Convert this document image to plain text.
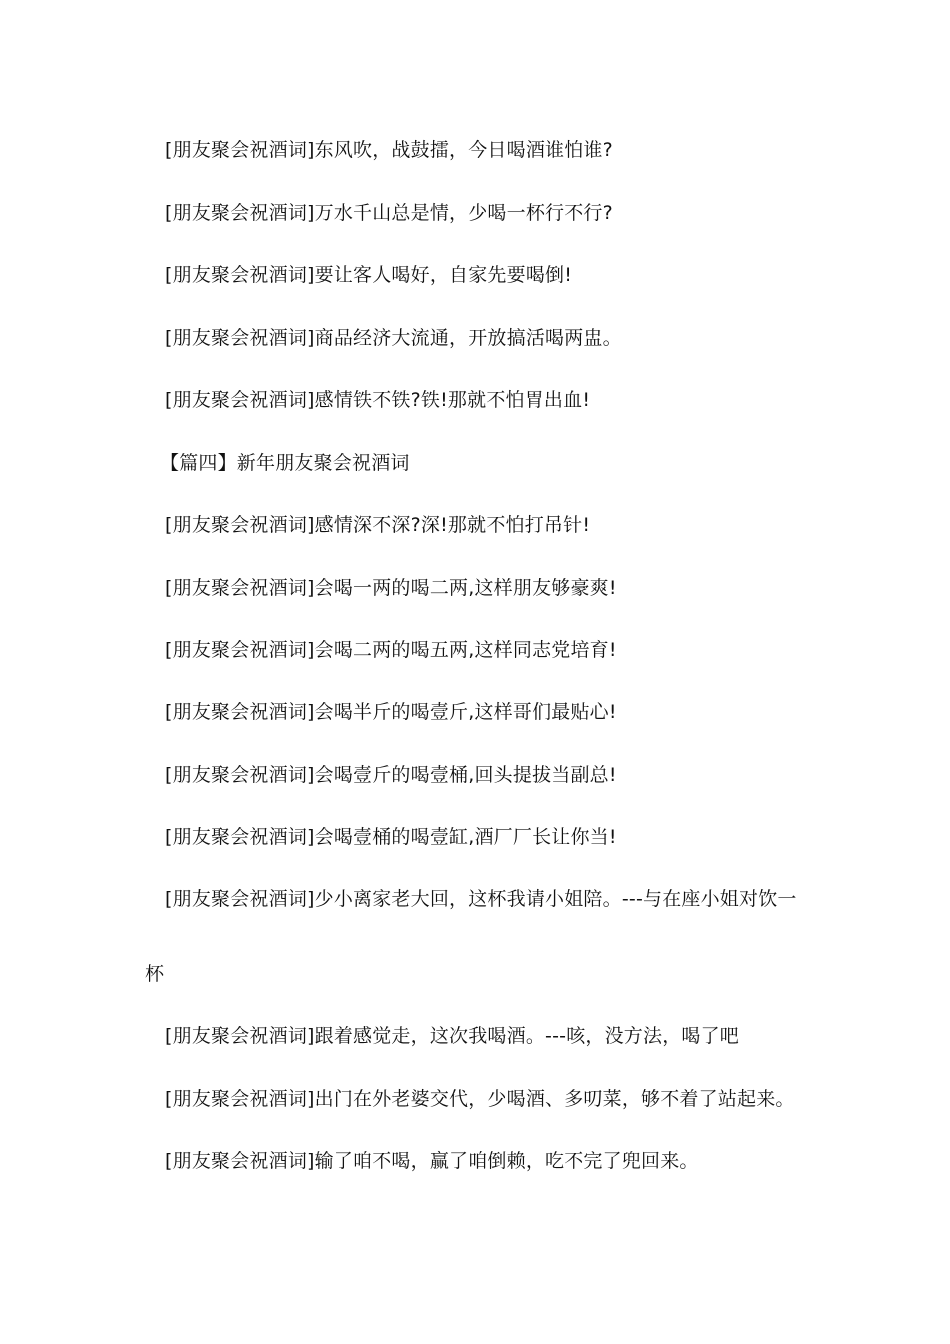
[朋友聚会祝酒词]东风吹，战鼓擂，今日喝酒谁怕谁?
[朋友聚会祝酒词]万水千山总是情，少喝一杯行不行?
[朋友聚会祝酒词]要让客人喝好，自家先要喝倒!
[朋友聚会祝酒词]商品经济大流通，开放搞活喝两盅。
[朋友聚会祝酒词]感情铁不铁?铁!那就不怕胃出血!
【篇四】新年朋友聚会祝酒词
[朋友聚会祝酒词]感情深不深?深!那就不怕打吊针!
[朋友聚会祝酒词]会喝一两的喝二两,这样朋友够豪爽!
[朋友聚会祝酒词]会喝二两的喝五两,这样同志党培育!
[朋友聚会祝酒词]会喝半斤的喝壹斤,这样哥们最贴心!
[朋友聚会祝酒词]会喝壹斤的喝壹桶,回头提拔当副总!
[朋友聚会祝酒词]会喝壹桶的喝壹缸,酒厂厂长让你当!
[朋友聚会祝酒词]少小离家老大回，这杯我请小姐陪。---与在座小姐对饮一
杯
[朋友聚会祝酒词]跟着感觉走，这次我喝酒。---咳，没方法，喝了吧
[朋友聚会祝酒词]出门在外老婆交代，少喝酒、多叨菜，够不着了站起来。
[朋友聚会祝酒词]输了咱不喝，赢了咱倒赖，吃不完了兜回来。
